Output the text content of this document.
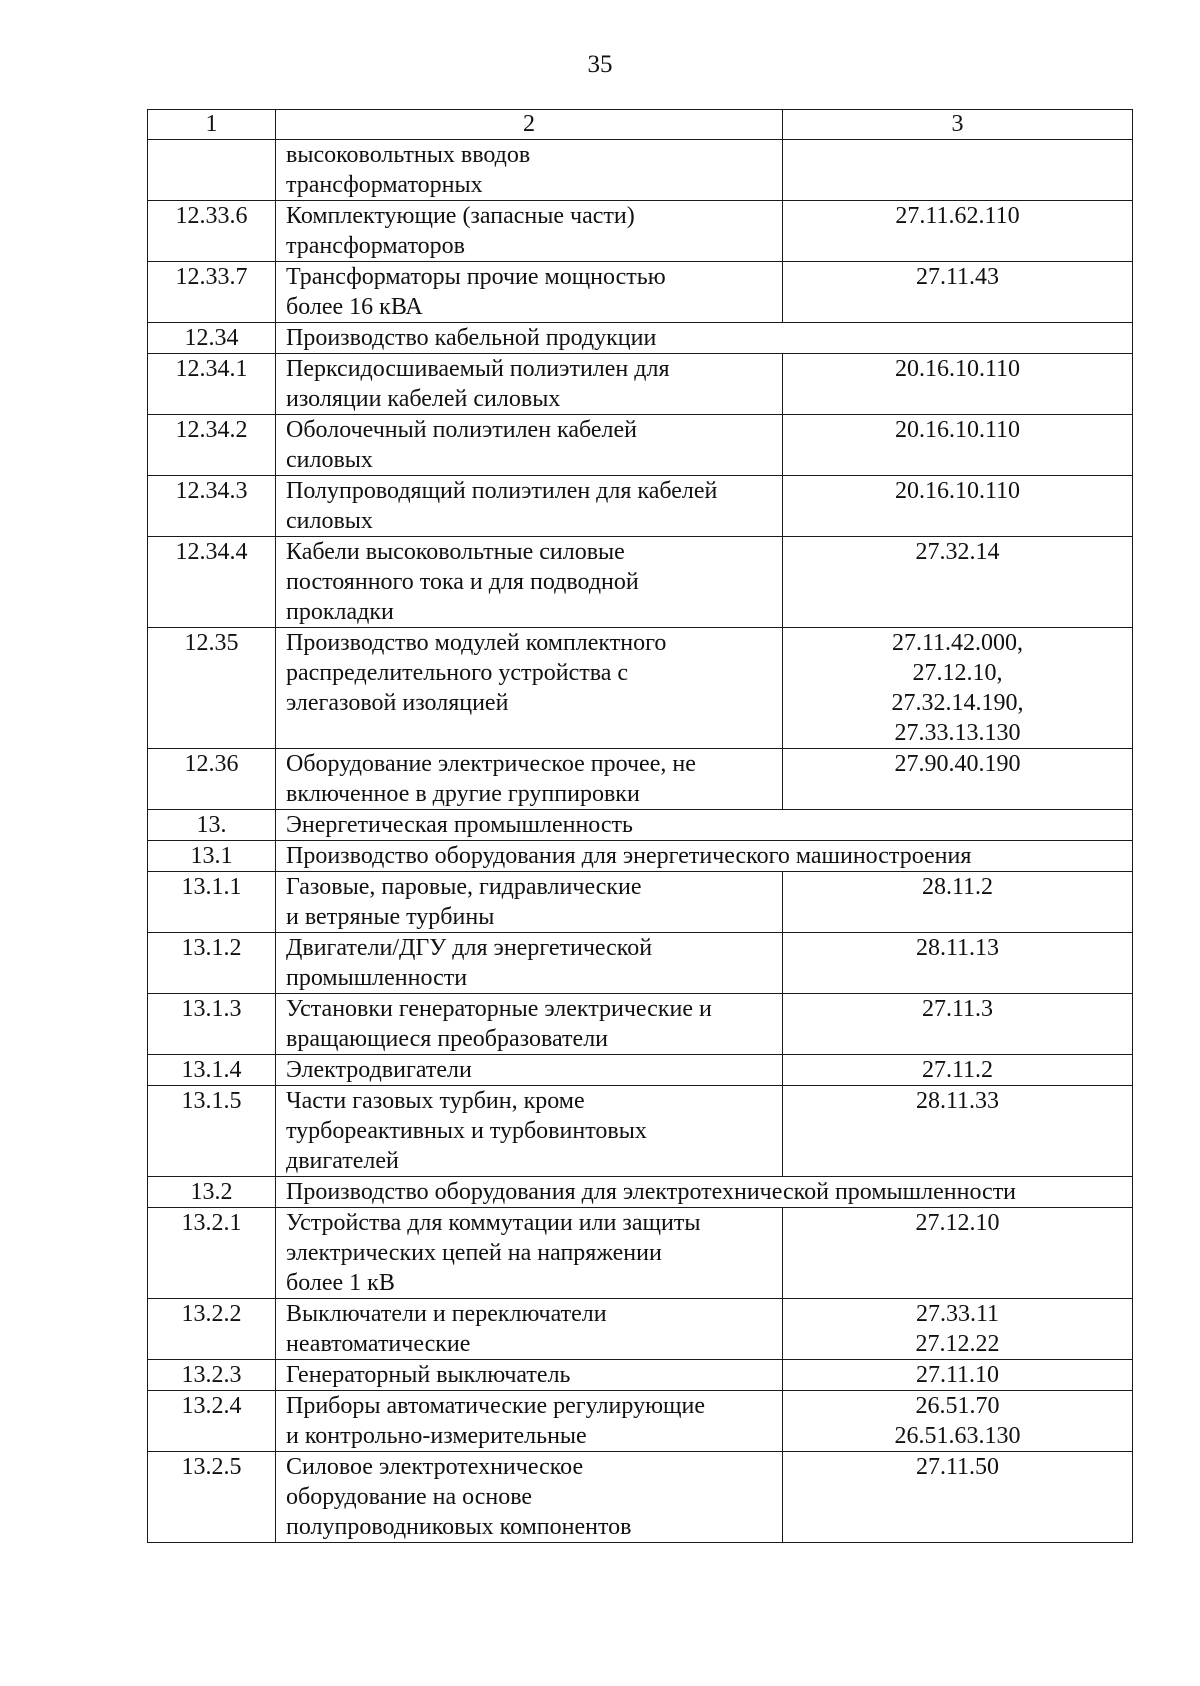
35
1	2	3

	высоковольтных вводов
трансформаторных	

12.33.6	Комплектующие (запасные части)
трансформаторов	27.11.62.110

12.33.7	Трансформаторы прочие мощностью
более 16 кВА	27.11.43

12.34	Производство кабельной продукции	

12.34.1	Перксидосшиваемый полиэтилен для
изоляции кабелей силовых	20.16.10.110

12.34.2	Оболочечный полиэтилен кабелей
силовых	20.16.10.110

12.34.3	Полупроводящий полиэтилен для кабелей
силовых	20.16.10.110

12.34.4	Кабели высоковольтные силовые
постоянного тока и для подводной
прокладки	27.32.14

12.35	Производство модулей комплектного
распределительного устройства с
элегазовой изоляцией	27.11.42.000,
27.12.10,
27.32.14.190,
27.33.13.130

12.36	Оборудование электрическое прочее, не
включенное в другие группировки	27.90.40.190

13.	Энергетическая промышленность	

13.1	Производство оборудования для энергетического машиностроения	

13.1.1	Газовые, паровые, гидравлические
и ветряные турбины	28.11.2

13.1.2	Двигатели/ДГУ для энергетической
промышленности	28.11.13

13.1.3	Установки генераторные электрические и
вращающиеся преобразователи	27.11.3

13.1.4	Электродвигатели	27.11.2

13.1.5	Части газовых турбин, кроме
турбореактивных и турбовинтовых
двигателей	28.11.33

13.2	Производство оборудования для электротехнической промышленности	

13.2.1	Устройства для коммутации или защиты
электрических цепей на напряжении
более 1 кВ	27.12.10

13.2.2	Выключатели и переключатели
неавтоматические	27.33.11
27.12.22

13.2.3	Генераторный выключатель	27.11.10

13.2.4	Приборы автоматические регулирующие
и контрольно-измерительные	26.51.70
26.51.63.130

13.2.5	Силовое электротехническое
оборудование на основе
полупроводниковых компонентов	27.11.50
